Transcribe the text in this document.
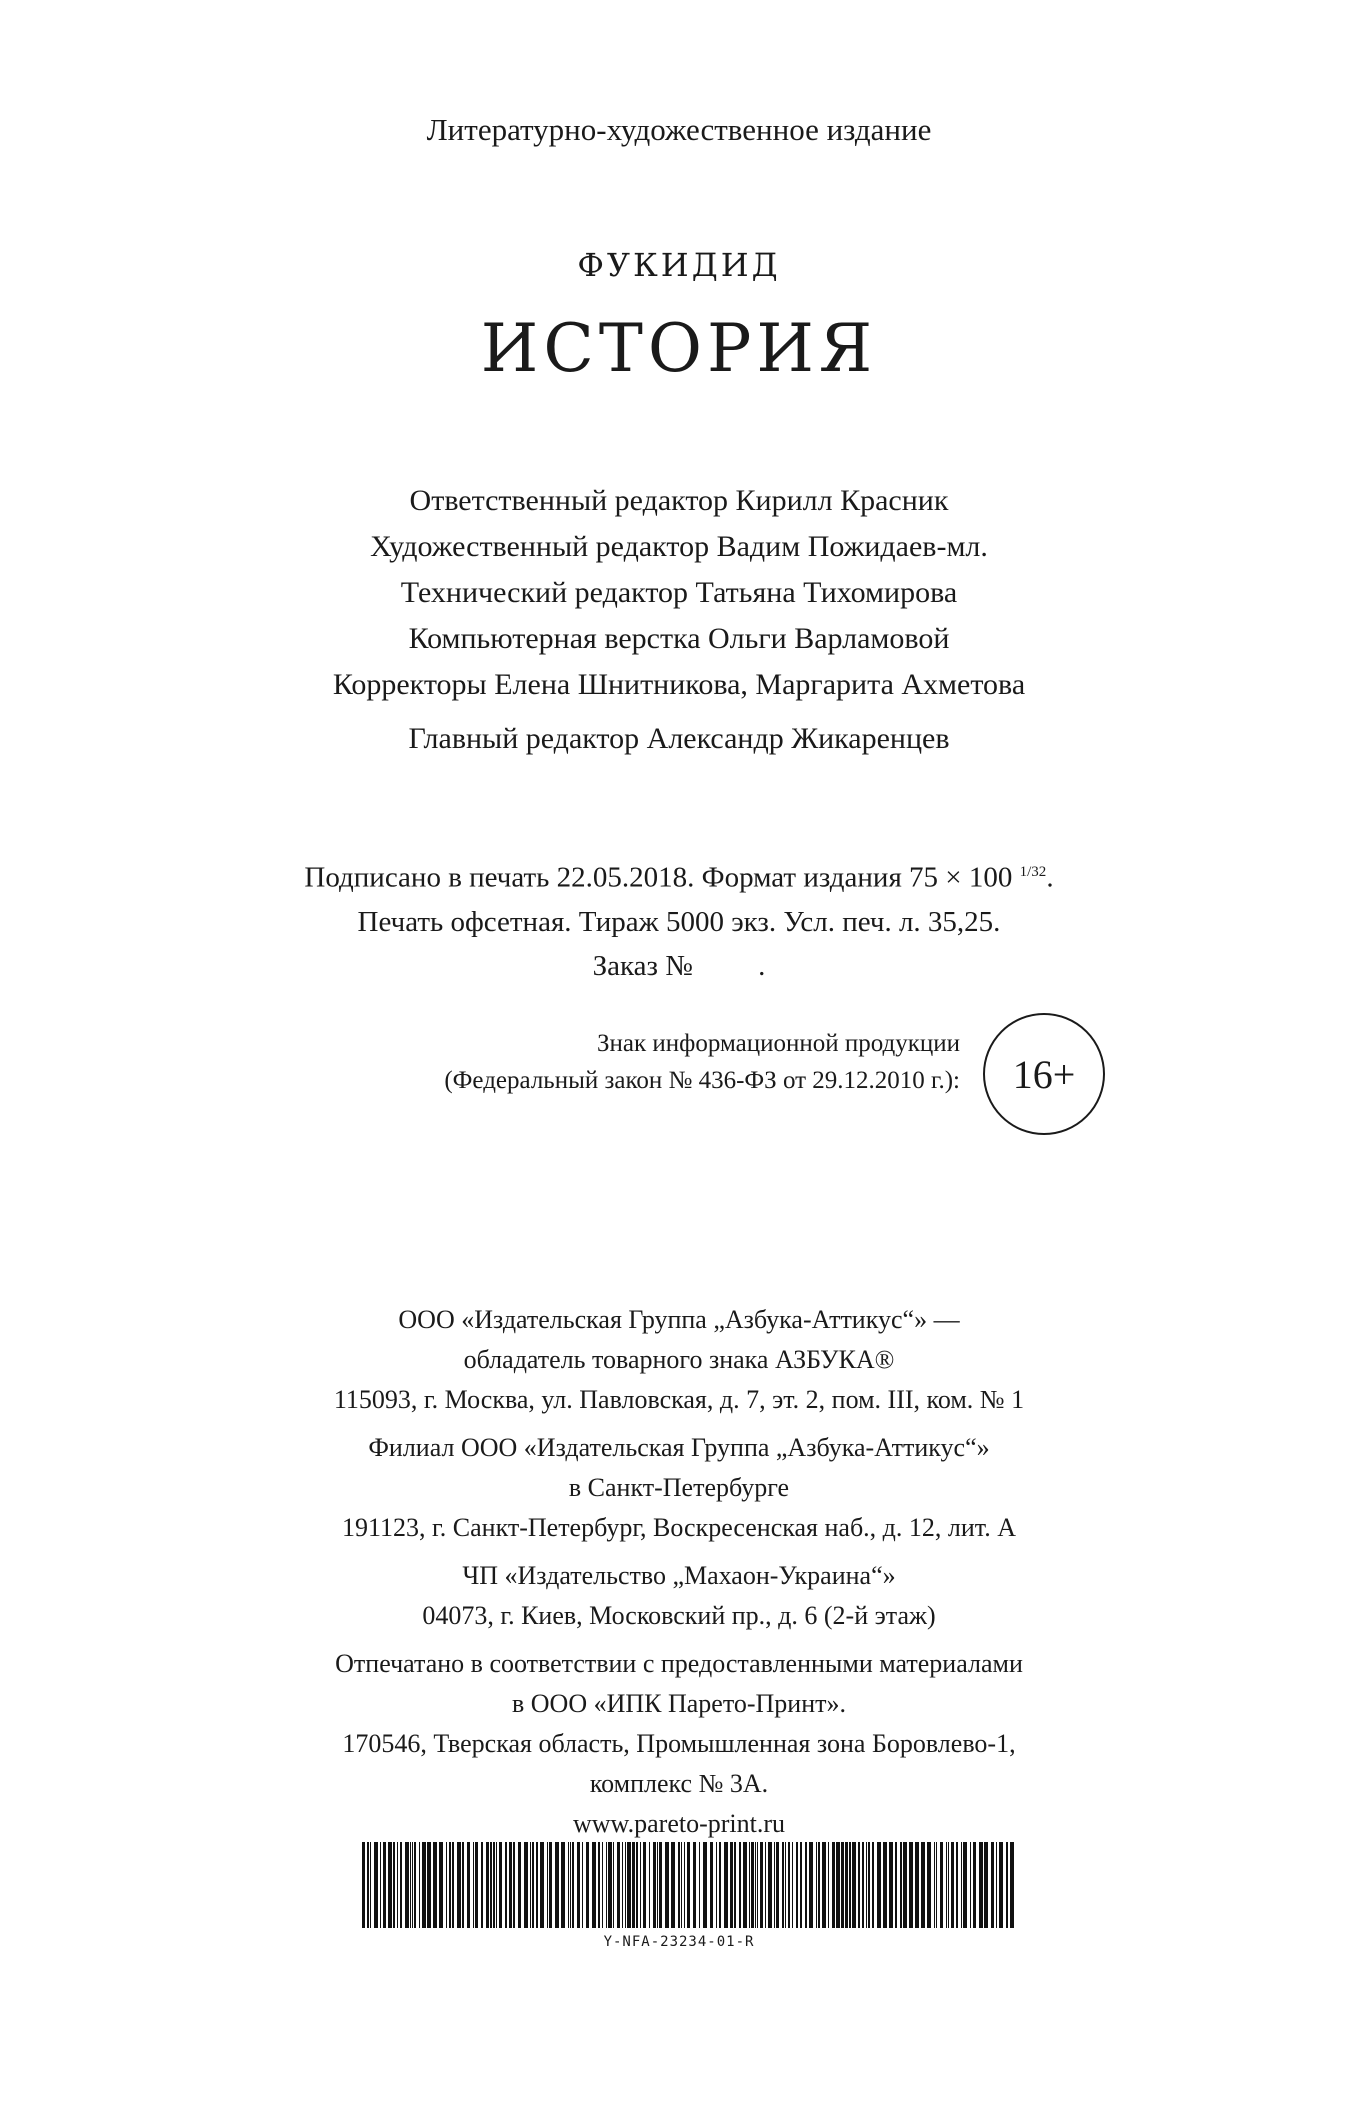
Литературно-художественное издание
ФУКИДИД
ИСТОРИЯ
Ответственный редактор Кирилл Красник
Художественный редактор Вадим Пожидаев-мл.
Технический редактор Татьяна Тихомирова
Компьютерная верстка Ольги Варламовой
Корректоры Елена Шнитникова, Маргарита Ахметова
Главный редактор Александр Жикаренцев
Подписано в печать 22.05.2018. Формат издания 75 × 100 $^{1/32}$.
Печать офсетная. Тираж 5000 экз. Усл. печ. л. 35,25.
Заказ №         .
Знак информационной продукции
(Федеральный закон № 436-ФЗ от 29.12.2010 г.): 16+
ООО «Издательская Группа „Азбука-Аттикус“» —
обладатель товарного знака АЗБУКА®
115093, г. Москва, ул. Павловская, д. 7, эт. 2, пом. III, ком. № 1
Филиал ООО «Издательская Группа „Азбука-Аттикус“»
в Санкт-Петербурге
191123, г. Санкт-Петербург, Воскресенская наб., д. 12, лит. А
ЧП «Издательство „Махаон-Украина“»
04073, г. Киев, Московский пр., д. 6 (2-й этаж)
Отпечатано в соответствии с предоставленными материалами
в ООО «ИПК Парето-Принт».
170546, Тверская область, Промышленная зона Боровлево-1,
комплекс № 3А.
www.pareto-print.ru
Y-NFA-23234-01-R
